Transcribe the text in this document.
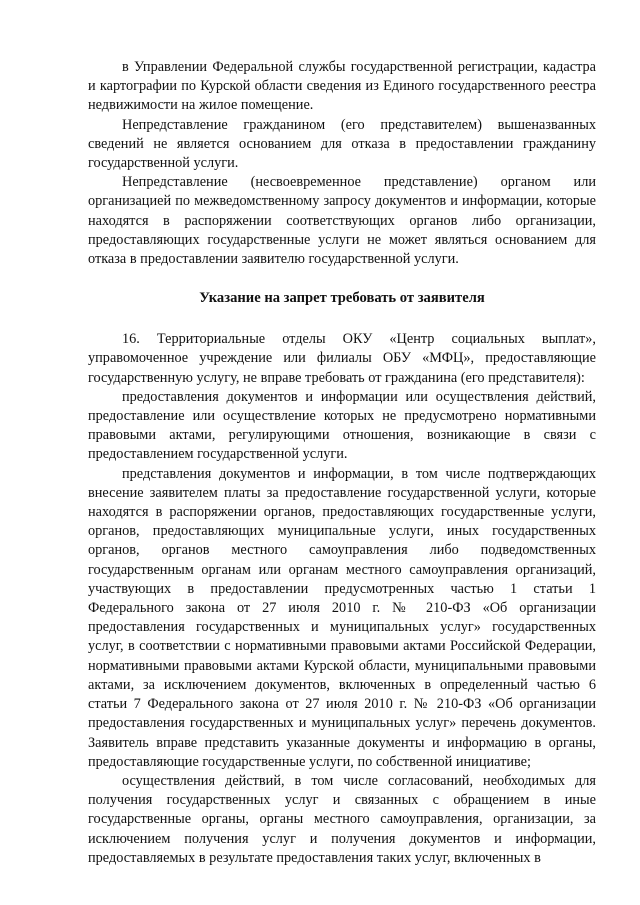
в Управлении Федеральной службы государственной регистрации, кадастра и картографии по Курской области сведения из Единого государственного реестра недвижимости на жилое помещение.

Непредставление гражданином (его представителем) вышеназванных сведений не является основанием для отказа в предоставлении гражданину государственной услуги.

Непредставление (несвоевременное представление) органом или организацией по межведомственному запросу документов и информации, которые находятся в распоряжении соответствующих органов либо организации, предоставляющих государственные услуги не может являться основанием для отказа в предоставлении заявителю государственной услуги.

Указание на запрет требовать от заявителя

16. Территориальные отделы ОКУ «Центр социальных выплат», управомоченное учреждение или филиалы ОБУ «МФЦ», предоставляющие государственную услугу, не вправе требовать от гражданина (его представителя):

предоставления документов и информации или осуществления действий, предоставление или осуществление которых не предусмотрено нормативными правовыми актами, регулирующими отношения, возникающие в связи с предоставлением государственной услуги.

представления документов и информации, в том числе подтверждающих внесение заявителем платы за предоставление государственной услуги, которые находятся в распоряжении органов, предоставляющих государственные услуги, органов, предоставляющих муниципальные услуги, иных государственных органов, органов местного самоуправления либо подведомственных государственным органам или органам местного самоуправления организаций, участвующих в предоставлении предусмотренных частью 1 статьи 1 Федерального закона от 27 июля 2010 г. № 210-ФЗ «Об организации предоставления государственных и муниципальных услуг» государственных услуг, в соответствии с нормативными правовыми актами Российской Федерации, нормативными правовыми актами Курской области, муниципальными правовыми актами, за исключением документов, включенных в определенный частью 6 статьи 7 Федерального закона от 27 июля 2010 г. № 210-ФЗ «Об организации предоставления государственных и муниципальных услуг» перечень документов. Заявитель вправе представить указанные документы и информацию в органы, предоставляющие государственные услуги, по собственной инициативе;

осуществления действий, в том числе согласований, необходимых для получения государственных услуг и связанных с обращением в иные государственные органы, органы местного самоуправления, организации, за исключением получения услуг и получения документов и информации, предоставляемых в результате предоставления таких услуг, включенных в
